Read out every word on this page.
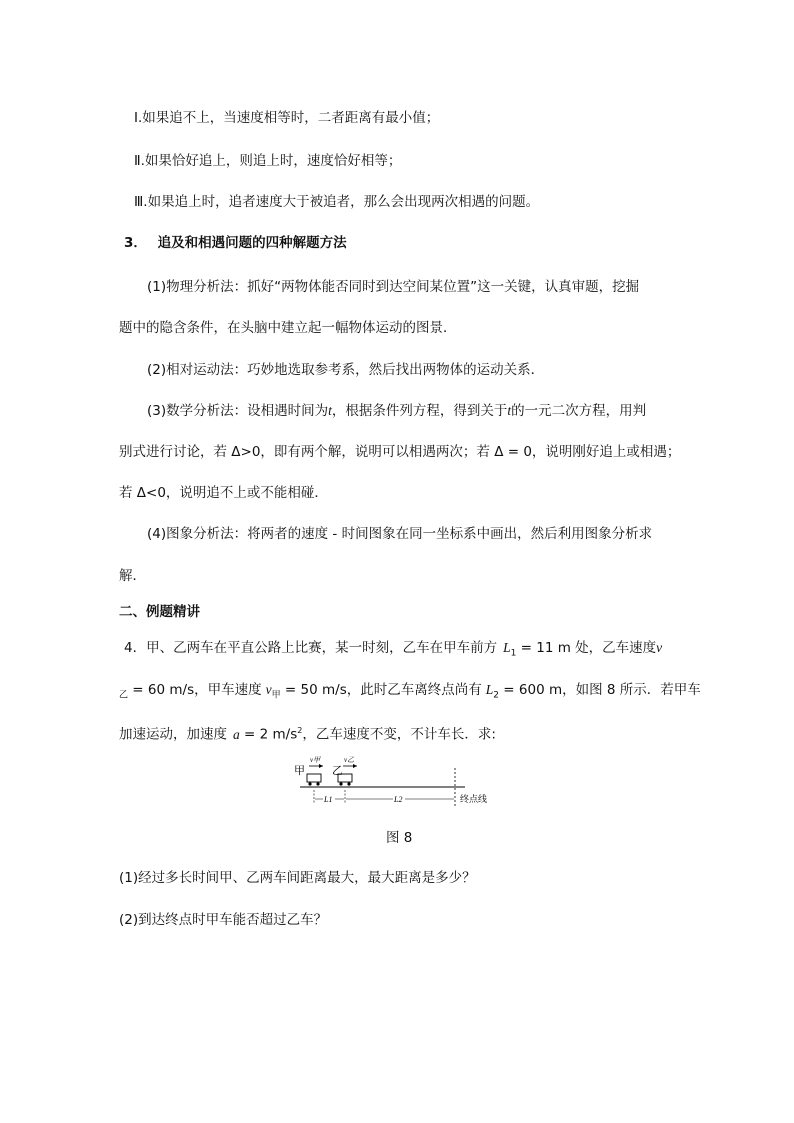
Ⅰ.如果追不上，当速度相等时，二者距离有最小值；
Ⅱ.如果恰好追上，则追上时，速度恰好相等；
Ⅲ.如果追上时，追者速度大于被追者，那么会出现两次相遇的问题。
3． 追及和相遇问题的四种解题方法
(1)物理分析法：抓好“两物体能否同时到达空间某位置”这一关键，认真审题，挖掘
题中的隐含条件，在头脑中建立起一幅物体运动的图景．
(2)相对运动法：巧妙地选取参考系，然后找出两物体的运动关系．
(3)数学分析法：设相遇时间为t，根据条件列方程，得到关于t的一元二次方程，用判
别式进行讨论，若 Δ>0，即有两个解，说明可以相遇两次；若 Δ = 0，说明刚好追上或相遇；
若 Δ<0，说明追不上或不能相碰．
(4)图象分析法：将两者的速度 - 时间图象在同一坐标系中画出，然后利用图象分析求
解．
二、例题精讲
4．甲、乙两车在平直公路上比赛，某一时刻，乙车在甲车前方 $L_1 = 11$ m 处，乙车速度v
$_乙$ = 60 m/s，甲车速度 $v_甲 = 50$ m/s，此时乙车离终点尚有 $L_2 = 600$ m，如图 8 所示．若甲车
加速运动，加速度 a = 2 $m/s^2$，乙车速度不变，不计车长．求:
甲 乙
v甲	v乙
L1	L2	终点线
图 8
(1)经过多长时间甲、乙两车间距离最大，最大距离是多少？
(2)到达终点时甲车能否超过乙车？
